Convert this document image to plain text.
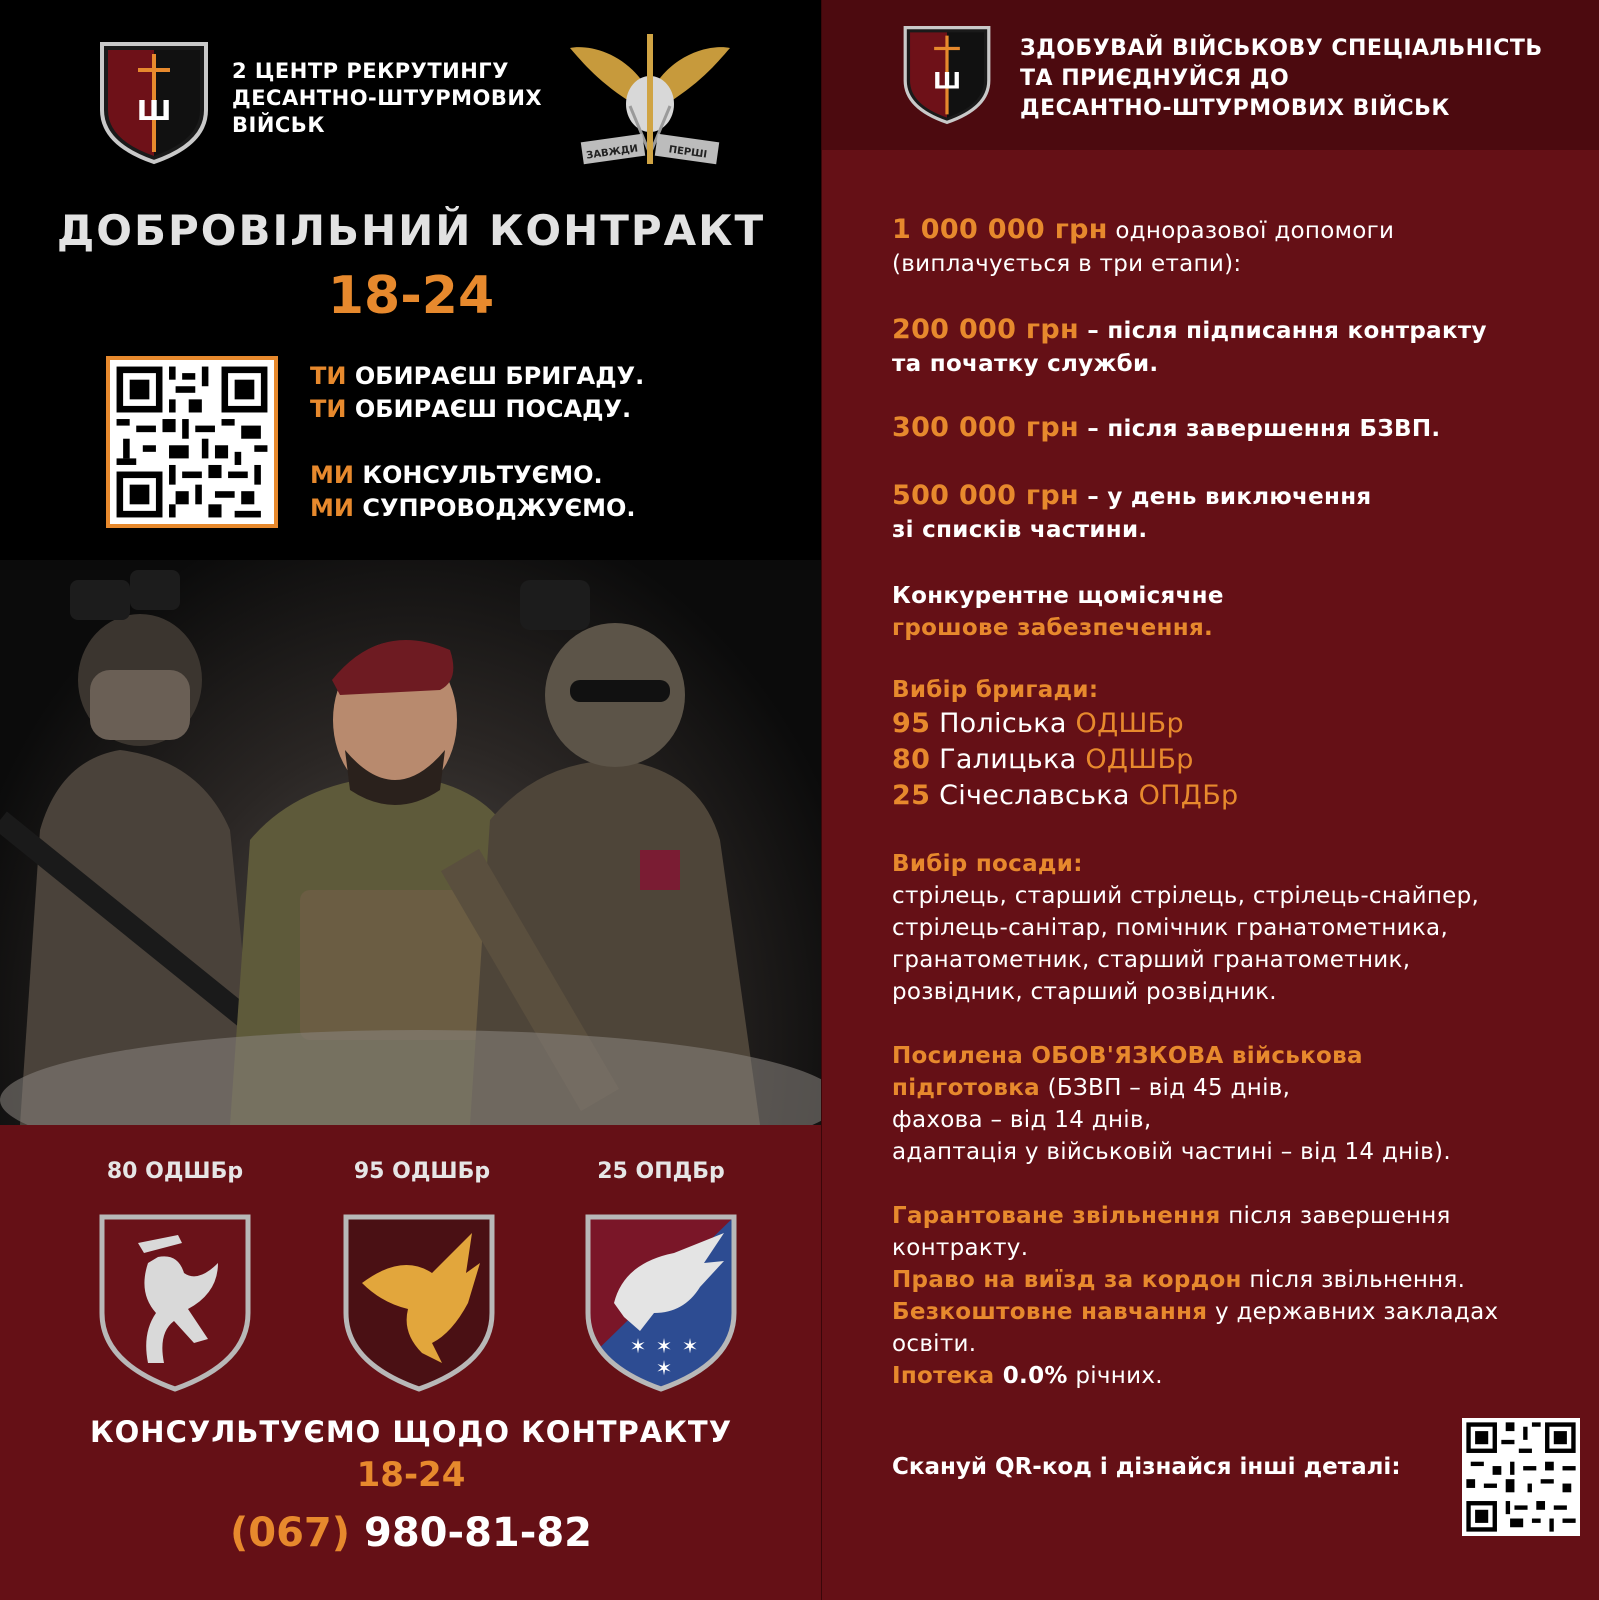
Ш
2 ЦЕНТР РЕКРУТИНГУ
ДЕСАНТНО-ШТУРМОВИХ
ВІЙСЬК
ЗАВЖДИ	ПЕРШІ
ДОБРОВІЛЬНИЙ КОНТРАКТ
18-24
ТИ ОБИРАЄШ БРИГАДУ.
ТИ ОБИРАЄШ ПОСАДУ.
МИ КОНСУЛЬТУЄМО.
МИ СУПРОВОДЖУЄМО.
80 ОДШБр	95 ОДШБр	25 ОПДБр
✶ ✶ ✶
✶
КОНСУЛЬТУЄМО ЩОДО КОНТРАКТУ
18-24
(067) 980-81-82
Ш
ЗДОБУВАЙ ВІЙСЬКОВУ СПЕЦІАЛЬНІСТЬ
ТА ПРИЄДНУЙСЯ ДО
ДЕСАНТНО-ШТУРМОВИХ ВІЙСЬК
1 000 000 грн одноразової допомоги
(виплачується в три етапи):
200 000 грн – після підписання контракту
та початку служби.
300 000 грн – після завершення БЗВП.
500 000 грн – у день виключення
зі списків частини.
Конкурентне щомісячне
грошове забезпечення.
Вибір бригади:
95 Поліська ОДШБр
80 Галицька ОДШБр
25 Січеславська ОПДБр
Вибір посади:
стрілець, старший стрілець, стрілець-снайпер,
стрілець-санітар, помічник гранатометника,
гранатометник, старший гранатометник,
розвідник, старший розвідник.
Посилена ОБОВ'ЯЗКОВА військова
підготовка (БЗВП – від 45 днів,
фахова – від 14 днів,
адаптація у військовій частині – від 14 днів).
Гарантоване звільнення після завершення
контракту.
Право на виїзд за кордон після звільнення.
Безкоштовне навчання у державних закладах
освіти.
Іпотека 0.0% річних.
Скануй QR-код і дізнайся інші деталі:
